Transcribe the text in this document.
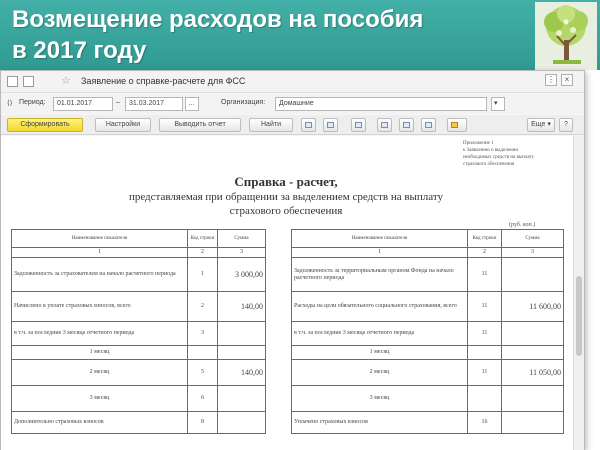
Возмещение расходов на пособия
в 2017 году
☆ Заявление о справке-расчете для ФСС	⋮	×
⟨⟩ Период:	01.01.2017	–	31.03.2017	…	Организация:	Домашние	▾
Сформировать	Настройки	Выводить отчет	Найти	Еще ▾	?
Приложение 1
к Заявлению о выделении
необходимых средств на выплату
страхового обеспечения
Справка - расчет,
представляемая при обращении за выделением средств на выплату
страхового обеспечения
(руб. коп.)
Наименование показателя	Код строки	Сумма
1	2	3
Задолженность за страхователем на начало расчетного периода	1	3 000,00
Начислено к уплате страховых взносов, всего	2	140,00
в т.ч. за последние 3 месяца отчетного периода	3	
1 месяц		
2 месяц	5	140,00
3 месяц	6	
Дополнительно страховых взносов	8	
Наименование показателя	Код строки	Сумма
1	2	3
Задолженность за территориальным органом Фонда на начало расчетного периода	11	
Расходы на цели обязательного социального страхования, всего	11	11 600,00
в т.ч. за последние 3 месяца отчетного периода	11	
1 месяц		
2 месяц	11	11 050,00
3 месяц		
Уплачено страховых взносов	16	
